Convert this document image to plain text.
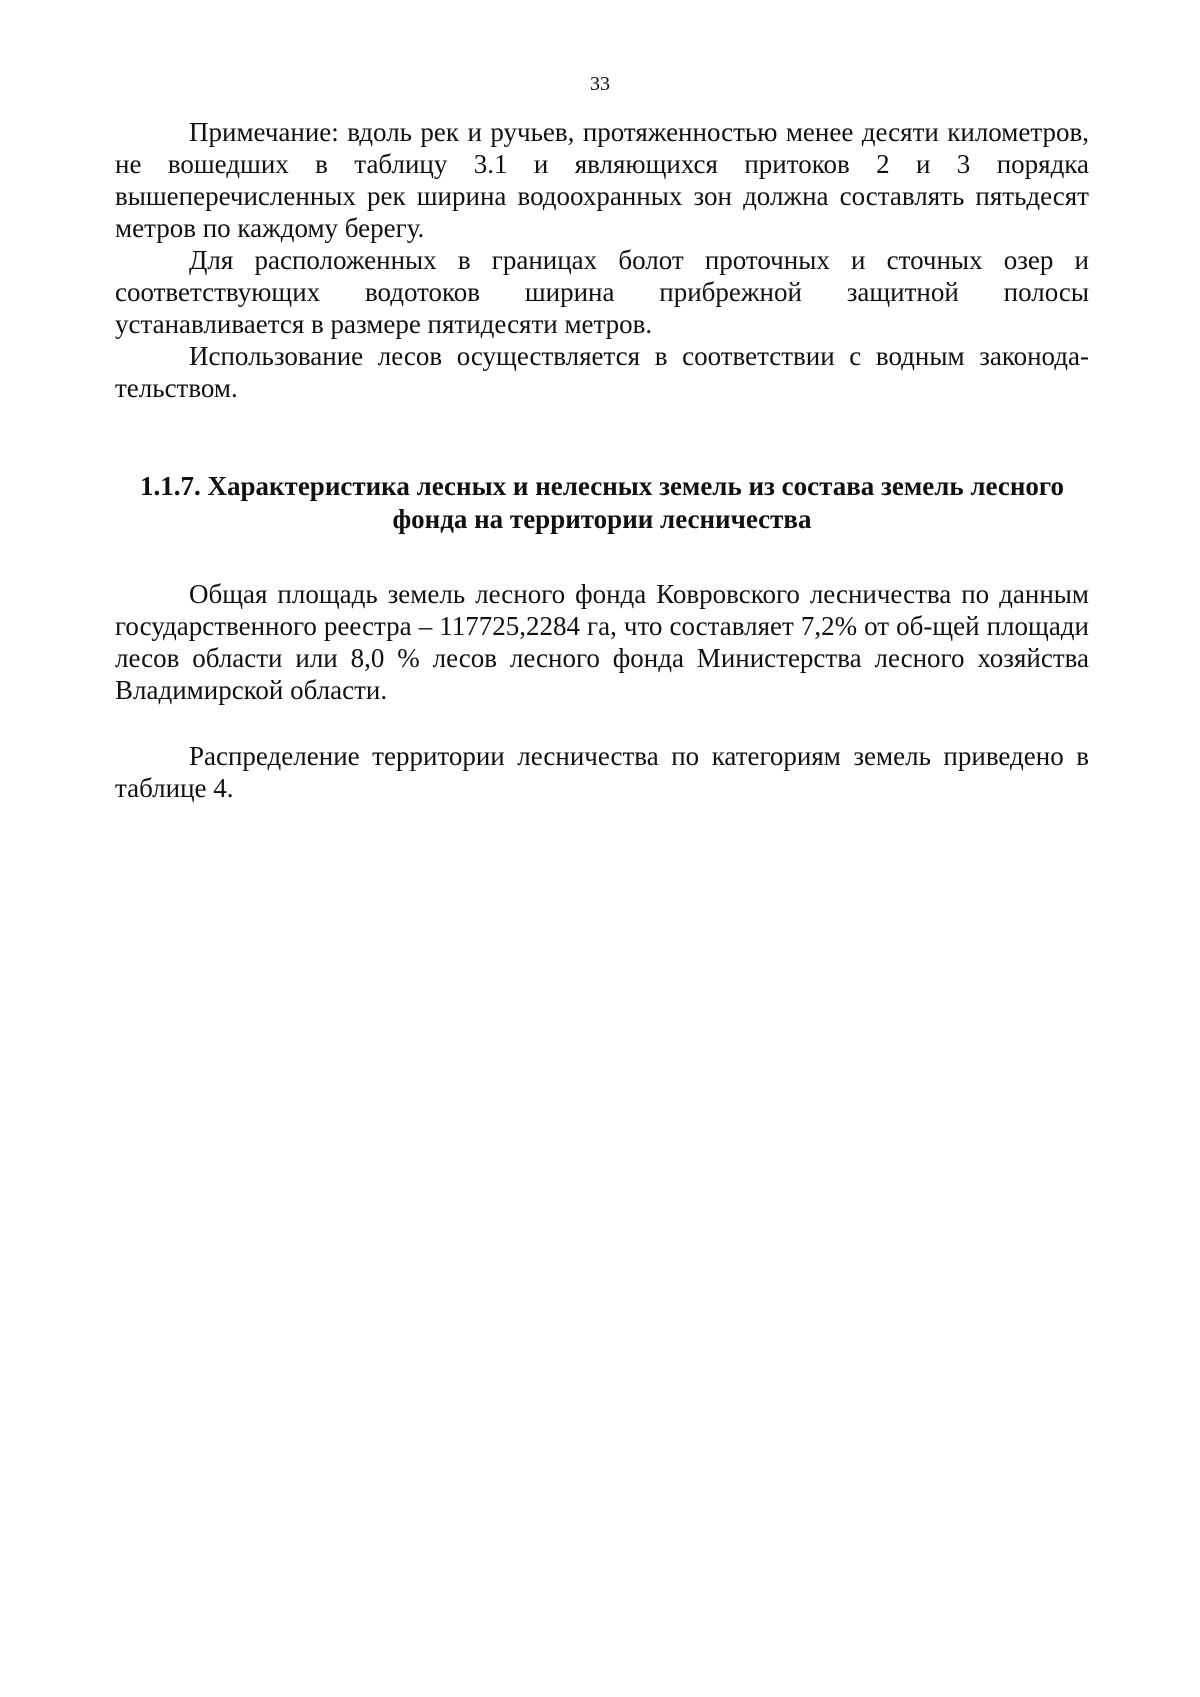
33

Примечание: вдоль рек и ручьев, протяженностью менее десяти километров, не вошедших в таблицу 3.1 и являющихся притоков 2 и 3 порядка вышеперечисленных рек ширина водоохранных зон должна составлять пятьдесят метров по каждому берегу.

Для расположенных в границах болот проточных и сточных озер и соответствующих водотоков ширина прибрежной защитной полосы устанавливается в размере пятидесяти метров.

Использование лесов осуществляется в соответствии с водным законода-тельством.

1.1.7. Характеристика лесных и нелесных земель из состава земель лесного фонда на территории лесничества

Общая площадь земель лесного фонда Ковровского лесничества по данным государственного реестра – 117725,2284 га, что составляет 7,2% от об-щей площади лесов области или 8,0 % лесов лесного фонда Министерства лесного хозяйства Владимирской области.

Распределение территории лесничества по категориям земель приведено в таблице 4.
